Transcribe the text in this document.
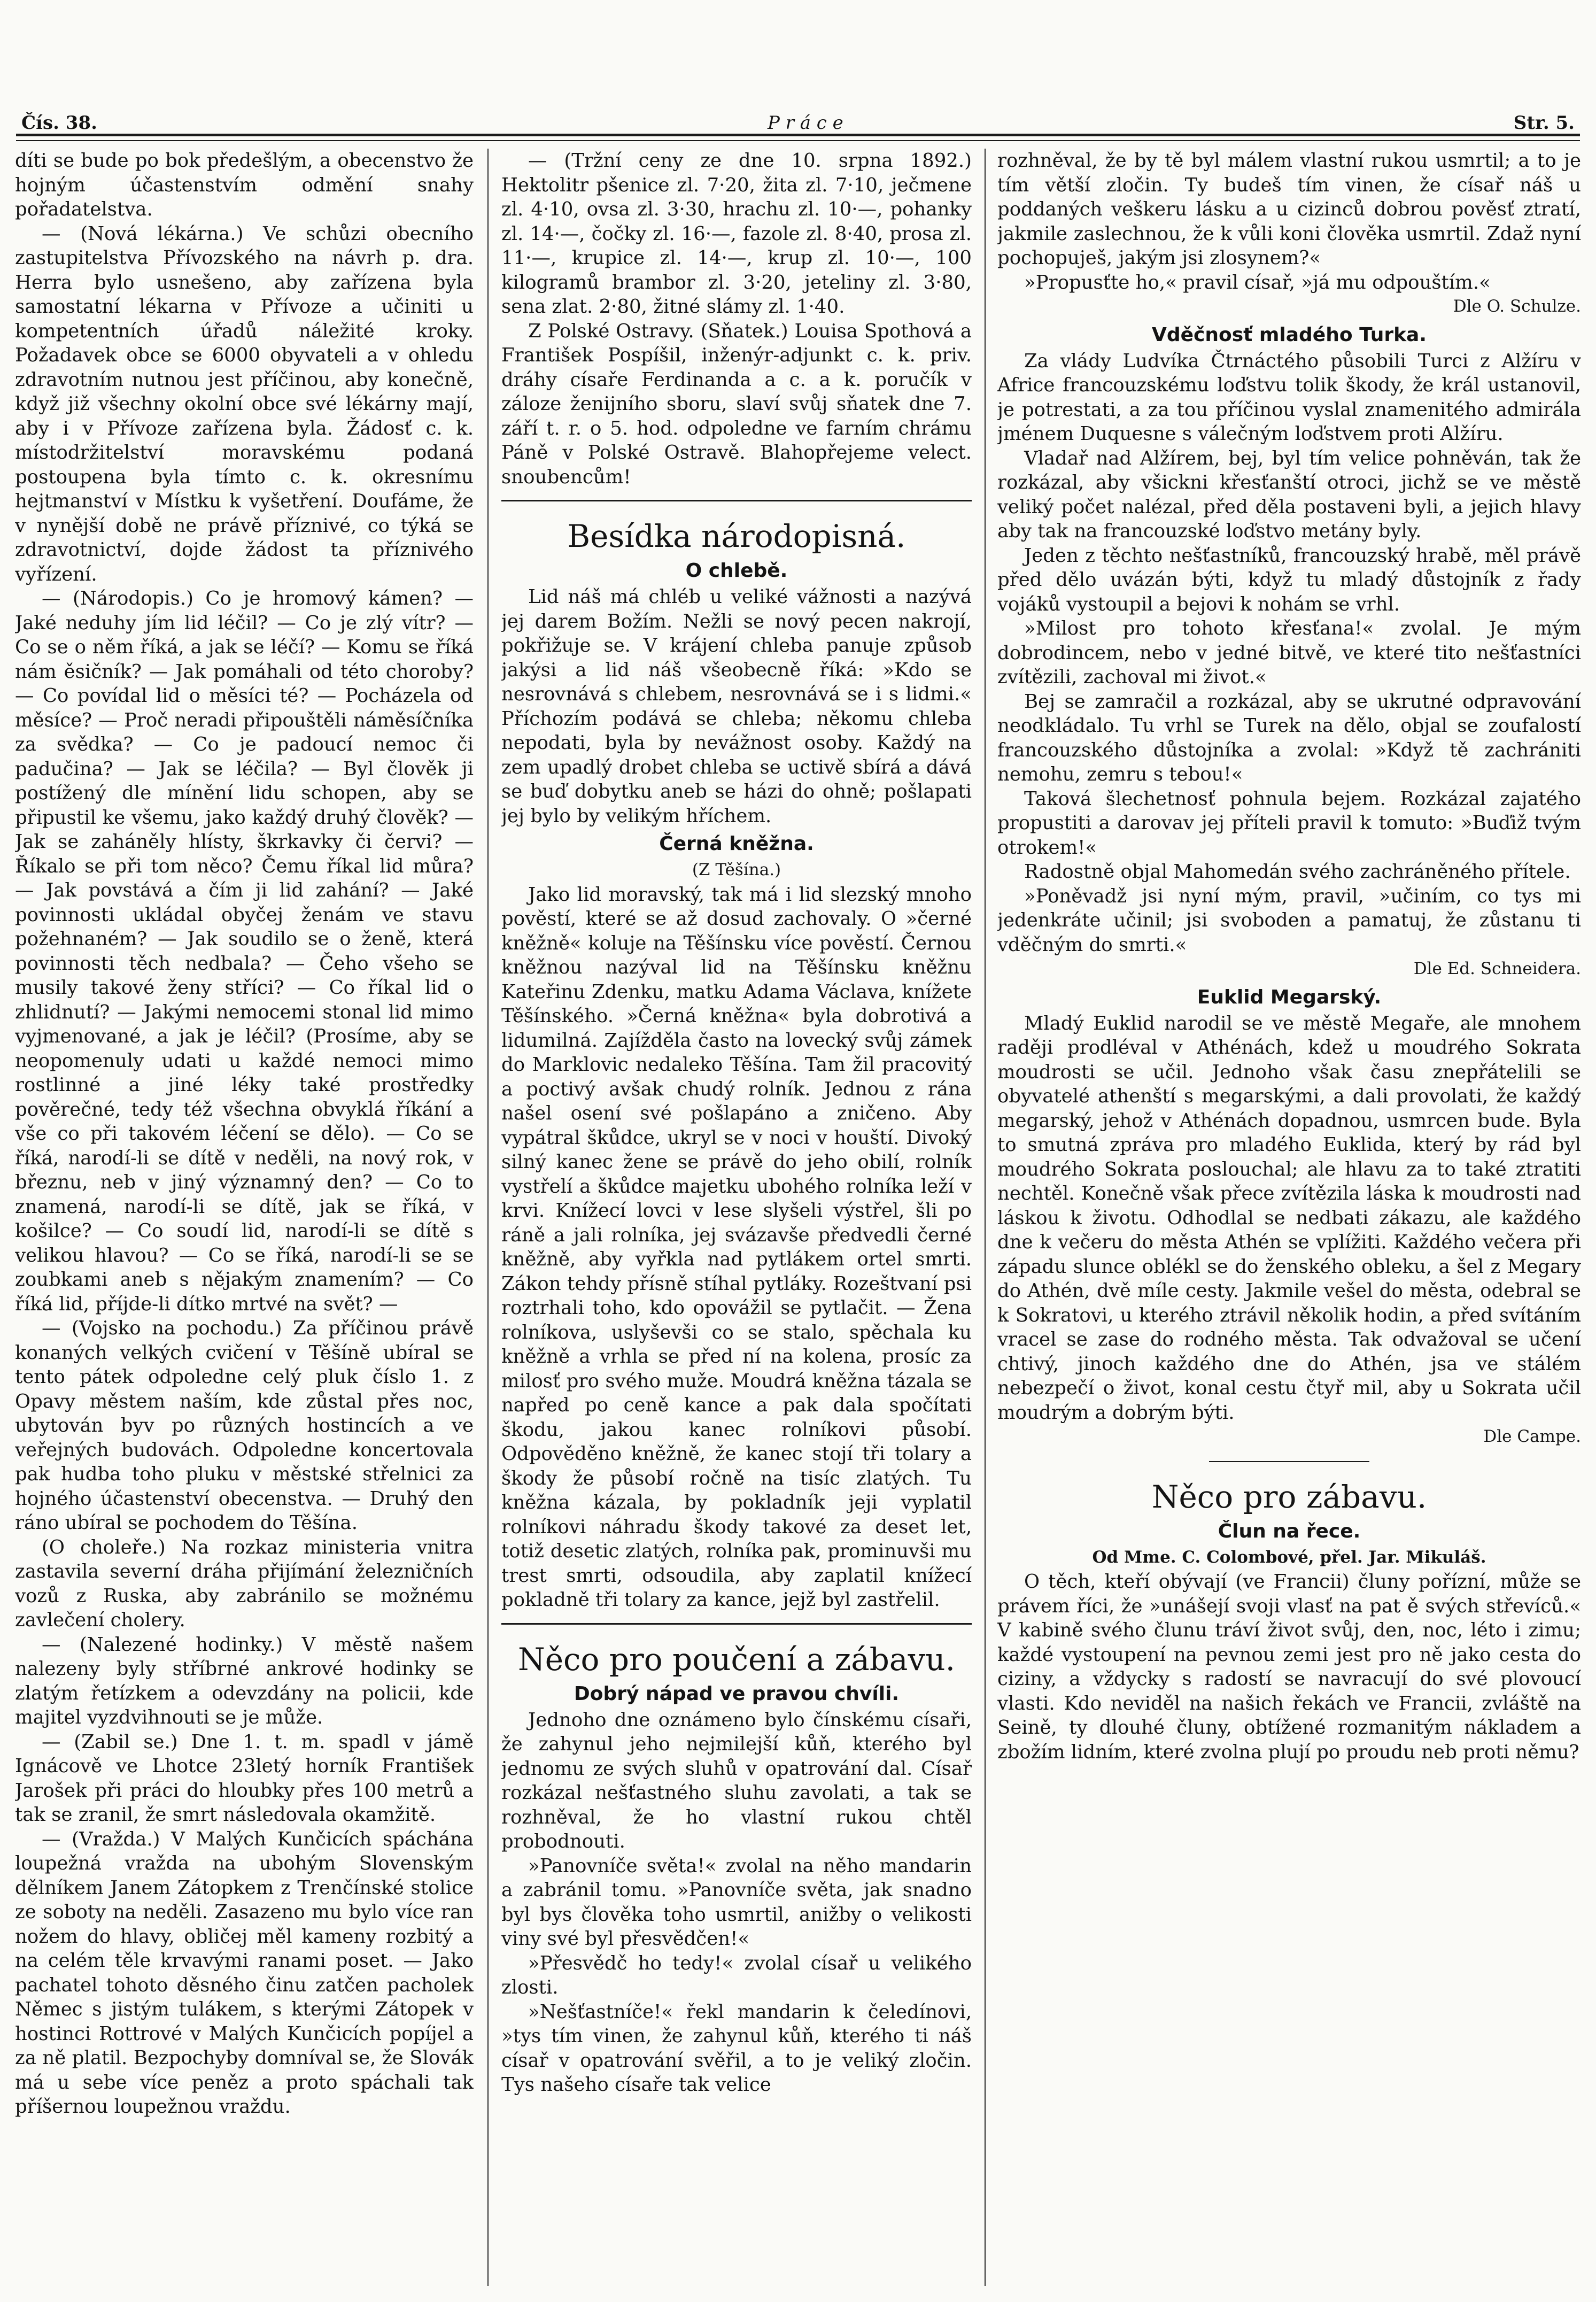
Čís. 38.	P r á c e	Str. 5.

díti se bude po bok předešlým, a obecenstvo že hojným účastenstvím odmění snahy pořadatelstva.

— (Nová lékárna.) Ve schůzi obecního zastupitelstva Přívozského na návrh p. dra. Herra bylo usnešeno, aby zařízena byla samostatní lékarna v Přívoze a učiniti u kompetentních úřadů náležité kroky. Požadavek obce se 6000 obyvateli a v ohledu zdravotním nutnou jest příčinou, aby konečně, když již všechny okolní obce své lékárny mají, aby i v Přívoze zařízena byla. Žádosť c. k. místodržitelství moravskému podaná postoupena byla tímto c. k. okresnímu hejtmanství v Místku k vyšetření. Doufáme, že v nynější době ne právě příznivé, co týká se zdravotnictví, dojde žádost ta příznivého vyřízení.

— (Národopis.) Co je hromový kámen? — Jaké neduhy jím lid léčil? — Co je zlý vítr? — Co se o něm říká, a jak se léčí? — Komu se říká nám ěsičník? — Jak pomáhali od této choroby? — Co povídal lid o měsíci té? — Pocházela od měsíce? — Proč neradi připouštěli náměsíčníka za svědka? — Co je padoucí nemoc či padučina? — Jak se léčila? — Byl člověk ji postížený dle mínění lidu schopen, aby se připustil ke všemu, jako každý druhý člověk? — Jak se zaháněly hlísty, škrkavky či červi? — Říkalo se při tom něco? Čemu říkal lid můra? — Jak povstává a čím ji lid zahání? — Jaké povinnosti ukládal obyčej ženám ve stavu požehnaném? — Jak soudilo se o ženě, která povinnosti těch nedbala? — Čeho všeho se musily takové ženy stříci? — Co říkal lid o zhlidnutí? — Jakými nemocemi stonal lid mimo vyjmenované, a jak je léčil? (Prosíme, aby se neopomenuly udati u každé nemoci mimo rostlinné a jiné léky také prostředky pověrečné, tedy též všechna obvyklá říkání a vše co při takovém léčení se dělo). — Co se říká, narodí-li se dítě v neděli, na nový rok, v březnu, neb v jiný významný den? — Co to znamená, narodí-li se dítě, jak se říká, v košilce? — Co soudí lid, narodí-li se dítě s velikou hlavou? — Co se říká, narodí-li se se zoubkami aneb s nějakým znamením? — Co říká lid, příjde-li dítko mrtvé na svět? —

— (Vojsko na pochodu.) Za příčinou právě konaných velkých cvičení v Těšíně ubíral se tento pátek odpoledne celý pluk číslo 1. z Opavy městem naším, kde zůstal přes noc, ubytován byv po různých hostincích a ve veřejných budovách. Odpoledne koncertovala pak hudba toho pluku v městské střelnici za hojného účastenství obecenstva. — Druhý den ráno ubíral se pochodem do Těšína.

(O choleře.) Na rozkaz ministeria vnitra zastavila severní dráha přijímání železničních vozů z Ruska, aby zabránilo se možnému zavlečení cholery.

— (Nalezené hodinky.) V městě našem nalezeny byly stříbrné ankrové hodinky se zlatým řetízkem a odevzdány na policii, kde majitel vyzdvihnouti se je může.

— (Zabil se.) Dne 1. t. m. spadl v jámě Ignácově ve Lhotce 23letý horník František Jarošek při práci do hloubky přes 100 metrů a tak se zranil, že smrt následovala okamžitě.

— (Vražda.) V Malých Kunčicích spáchána loupežná vražda na ubohým Slovenským dělníkem Janem Zátopkem z Trenčínské stolice ze soboty na neděli. Zasazeno mu bylo více ran nožem do hlavy, obličej měl kameny rozbitý a na celém těle krvavými ranami poset. — Jako pachatel tohoto děsného činu zatčen pacholek Němec s jistým tulákem, s kterými Zátopek v hostinci Rottrové v Malých Kunčicích popíjel a za ně platil. Bezpochyby domníval se, že Slovák má u sebe více peněz a proto spáchali tak příšernou loupežnou vraždu.

— (Tržní ceny ze dne 10. srpna 1892.) Hektolitr pšenice zl. 7·20, žita zl. 7·10, ječmene zl. 4·10, ovsa zl. 3·30, hrachu zl. 10·—, pohanky zl. 14·—, čočky zl. 16·—, fazole zl. 8·40, prosa zl. 11·—, krupice zl. 14·—, krup zl. 10·—, 100 kilogramů brambor zl. 3·20, jeteliny zl. 3·80, sena zlat. 2·80, žitné slámy zl. 1·40.

Z Polské Ostravy. (Sňatek.) Louisa Spothová a František Pospíšil, inženýr-adjunkt c. k. priv. dráhy císaře Ferdinanda a c. a k. poručík v záloze ženijního sboru, slaví svůj sňatek dne 7. září t. r. o 5. hod. odpoledne ve farním chrámu Páně v Polské Ostravě. Blahopřejeme velect. snoubencům!

Besídka národopisná.
O chlebě.

Lid náš má chléb u veliké vážnosti a nazývá jej darem Božím. Nežli se nový pecen nakrojí, pokřižuje se. V krájení chleba panuje způsob jakýsi a lid náš všeobecně říká: »Kdo se nesrovnává s chlebem, nesrovnává se i s lidmi.« Příchozím podává se chleba; někomu chleba nepodati, byla by nevážnost osoby. Každý na zem upadlý drobet chleba se uctivě sbírá a dává se buď dobytku aneb se házi do ohně; pošlapati jej bylo by velikým hříchem.

Černá kněžna.
(Z Těšína.)

Jako lid moravský, tak má i lid slezský mnoho pověstí, které se až dosud zachovaly. O »černé kněžně« koluje na Těšínsku více pověstí. Černou kněžnou nazýval lid na Těšínsku kněžnu Kateřinu Zdenku, matku Adama Václava, knížete Těšínského. »Černá kněžna« byla dobrotivá a lidumilná. Zajížděla často na lovecký svůj zámek do Marklovic nedaleko Těšína. Tam žil pracovitý a poctivý avšak chudý rolník. Jednou z rána našel osení své pošlapáno a zničeno. Aby vypátral škůdce, ukryl se v noci v houští. Divoký silný kanec žene se právě do jeho obilí, rolník vystřelí a škůdce majetku ubohého rolníka leží v krvi. Knížecí lovci v lese slyšeli výstřel, šli po ráně a jali rolníka, jej svázavše předvedli černé kněžně, aby vyřkla nad pytlákem ortel smrti. Zákon tehdy přísně stíhal pytláky. Rozeštvaní psi roztrhali toho, kdo opovážil se pytlačit. — Žena rolníkova, uslyševši co se stalo, spěchala ku kněžně a vrhla se před ní na kolena, prosíc za milosť pro svého muže. Moudrá kněžna tázala se napřed po ceně kance a pak dala spočítati škodu, jakou kanec rolníkovi působí. Odpověděno kněžně, že kanec stojí tři tolary a škody že působí ročně na tisíc zlatých. Tu kněžna kázala, by pokladník jeji vyplatil rolníkovi náhradu škody takové za deset let, totiž desetic zlatých, rolníka pak, prominuvši mu trest smrti, odsoudila, aby zaplatil knížecí pokladně tři tolary za kance, jejž byl zastřelil.

Něco pro poučení a zábavu.
Dobrý nápad ve pravou chvíli.

Jednoho dne oznámeno bylo čínskému císaři, že zahynul jeho nejmilejší kůň, kterého byl jednomu ze svých sluhů v opatrování dal. Císař rozkázal nešťastného sluhu zavolati, a tak se rozhněval, že ho vlastní rukou chtěl probodnouti.

»Panovníče světa!« zvolal na něho mandarin a zabránil tomu. »Panovníče světa, jak snadno byl bys člověka toho usmrtil, anižby o velikosti viny své byl přesvědčen!«

»Přesvědč ho tedy!« zvolal císař u velikého zlosti.

»Nešťastníče!« řekl mandarin k čeledínovi, »tys tím vinen, že zahynul kůň, kterého ti náš císař v opatrování svěřil, a to je veliký zločin. Tys našeho císaře tak velice

rozhněval, že by tě byl málem vlastní rukou usmrtil; a to je tím větší zločin. Ty budeš tím vinen, že císař náš u poddaných veškeru lásku a u cizinců dobrou pověsť ztratí, jakmile zaslechnou, že k vůli koni člověka usmrtil. Zdaž nyní pochopuješ, jakým jsi zlosynem?«

»Propusťte ho,« pravil císař, »já mu odpouštím.«

Dle O. Schulze.
Vděčnosť mladého Turka.

Za vlády Ludvíka Čtrnáctého působili Turci z Alžíru v Africe francouzskému loďstvu tolik škody, že král ustanovil, je potrestati, a za tou příčinou vyslal znamenitého admirála jménem Duquesne s válečným loďstvem proti Alžíru.

Vladař nad Alžírem, bej, byl tím velice pohněván, tak že rozkázal, aby všickni křesťanští otroci, jichž se ve městě veliký počet nalézal, před děla postaveni byli, a jejich hlavy aby tak na francouzské loďstvo metány byly.

Jeden z těchto nešťastníků, francouzský hrabě, měl právě před dělo uvázán býti, když tu mladý důstojník z řady vojáků vystoupil a bejovi k nohám se vrhl.

»Milost pro tohoto křesťana!« zvolal. Je mým dobrodincem, nebo v jedné bitvě, ve které tito nešťastníci zvítězili, zachoval mi život.«

Bej se zamračil a rozkázal, aby se ukrutné odpravování neodkládalo. Tu vrhl se Turek na dělo, objal se zoufalostí francouzského důstojníka a zvolal: »Když tě zachrániti nemohu, zemru s tebou!«

Taková šlechetnosť pohnula bejem. Rozkázal zajatého propustiti a darovav jej příteli pravil k tomuto: »Buďiž tvým otrokem!«

Radostně objal Mahomedán svého zachráněného přítele.

»Poněvadž jsi nyní mým, pravil, »učiním, co tys mi jedenkráte učinil; jsi svoboden a pamatuj, že zůstanu ti vděčným do smrti.«

Dle Ed. Schneidera.
Euklid Megarský.

Mladý Euklid narodil se ve městě Megaře, ale mnohem raději prodléval v Athénách, kdež u moudrého Sokrata moudrosti se učil. Jednoho však času znepřátelili se obyvatelé athenští s megarskými, a dali provolati, že každý megarský, jehož v Athénách dopadnou, usmrcen bude. Byla to smutná zpráva pro mladého Euklida, který by rád byl moudrého Sokrata poslouchal; ale hlavu za to také ztratiti nechtěl. Konečně však přece zvítězila láska k moudrosti nad láskou k životu. Odhodlal se nedbati zákazu, ale každého dne k večeru do města Athén se vplížiti. Každého večera při západu slunce oblékl se do ženského obleku, a šel z Megary do Athén, dvě míle cesty. Jakmile vešel do města, odebral se k Sokratovi, u kterého ztrávil několik hodin, a před svítáním vracel se zase do rodného města. Tak odvažoval se učení chtivý, jinoch každého dne do Athén, jsa ve stálém nebezpečí o život, konal cestu čtyř mil, aby u Sokrata učil moudrým a dobrým býti.

Dle Campe.
Něco pro zábavu.
Člun na řece.
Od Mme. C. Colombové, přel. Jar. Mikuláš.

O těch, kteří obývají (ve Francii) čluny pořízní, může se právem říci, že »unášejí svoji vlasť na pat ě svých střevíců.« V kabině svého člunu tráví život svůj, den, noc, léto i zimu; každé vystoupení na pevnou zemi jest pro ně jako cesta do ciziny, a vždycky s radostí se navracují do své plovoucí vlasti. Kdo neviděl na našich řekách ve Francii, zvláště na Seině, ty dlouhé čluny, obtížené rozmanitým nákladem a zbožím lidním, které zvolna plují po proudu neb proti němu?
